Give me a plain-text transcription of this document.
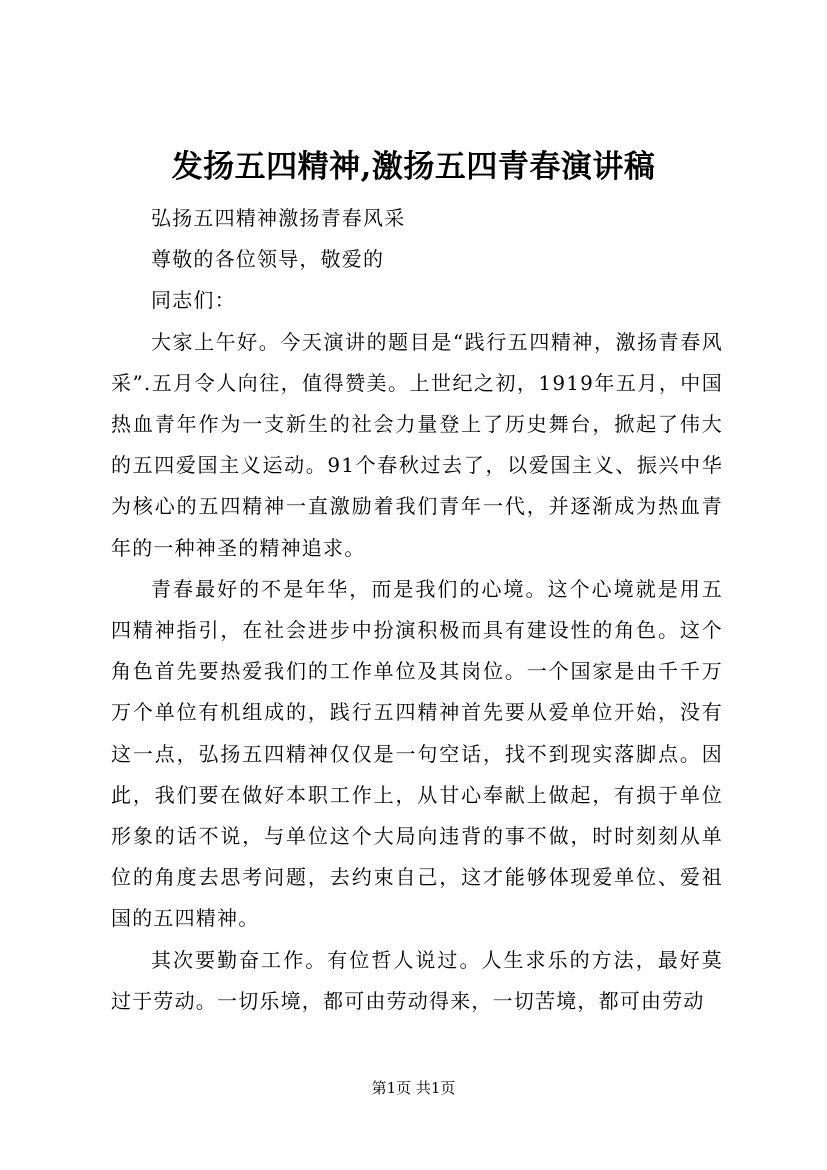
发扬五四精神,激扬五四青春演讲稿

弘扬五四精神激扬青春风采

尊敬的各位领导，敬爱的

同志们：

大家上午好。今天演讲的题目是“践行五四精神，激扬青春风采”.五月令人向往，值得赞美。上世纪之初，1919年五月，中国热血青年作为一支新生的社会力量登上了历史舞台，掀起了伟大的五四爱国主义运动。91个春秋过去了，以爱国主义、振兴中华为核心的五四精神一直激励着我们青年一代，并逐渐成为热血青年的一种神圣的精神追求。

青春最好的不是年华，而是我们的心境。这个心境就是用五四精神指引，在社会进步中扮演积极而具有建设性的角色。这个角色首先要热爱我们的工作单位及其岗位。一个国家是由千千万万个单位有机组成的，践行五四精神首先要从爱单位开始，没有这一点，弘扬五四精神仅仅是一句空话，找不到现实落脚点。因此，我们要在做好本职工作上，从甘心奉献上做起，有损于单位形象的话不说，与单位这个大局向违背的事不做，时时刻刻从单位的角度去思考问题，去约束自己，这才能够体现爱单位、爱祖国的五四精神。

其次要勤奋工作。有位哲人说过。人生求乐的方法，最好莫过于劳动。一切乐境，都可由劳动得来，一切苦境，都可由劳动

第1页 共1页
